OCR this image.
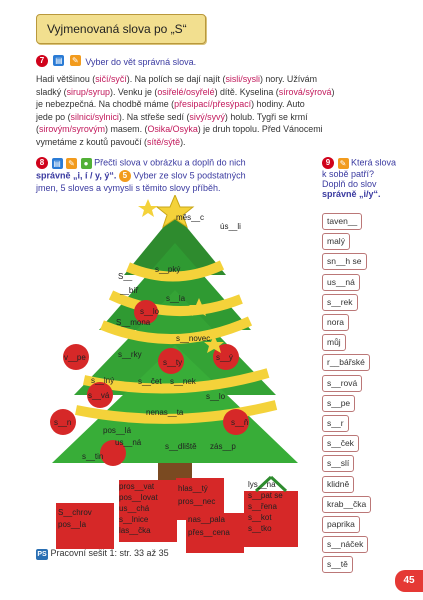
Vyjmenovaná slova po „S“
7 ▤ ✎ Vyber do vět správná slova.
Hadi většinou (sičí/syčí). Na polích se dají najít (sisli/sysli) nory. Užívám
sladký (sirup/syrup). Venku je (osiřelé/osyřelé) dítě. Kyselina (sírová/sýrová)
je nebezpečná. Na chodbě máme (přesipací/přesýpací) hodiny. Auto
jede po (silnici/sylnici). Na střeše sedí (sivý/syvý) holub. Tygři se krmí
(sirovým/syrovým) masem. (Osika/Osyka) je druh topolu. Před Vánocemi
vymetáme z koutů pavoučí (sítě/sýtě).
8 ▤ ✎ ● Přečti slova v obrázku a doplň do nich
správně „i, í / y, ý“. 5 Vyber ze slov 5 podstatných
jmen, 5 sloves a vymysli s těmito slovy příběh.
9 ✎ Která slova
k sobě patří?
Doplň do slov
správně „i/y“.
taven__
malý
sn__h se
us__ná
s__rek
nora
můj
r__bářské
s__rová
s__pe
s__r
s__ček
s__slí
klidně
krab__čka
paprika
s__náček
s__tě
měs__c
ús__li
s__pký
S__
__bíř
s__la
s__lo
S__mona
s__novec
v__pe	s__rky
s__ty
s__ý
s__lný	s__čet s__nek
s__vá	s__lo
pos__lá
nenas__ta
s__n	s__ň
us__ná	s__dliště zás__p
s__tin
pros__vat
pos__lovat
us__chá
s__lnice
las__čka
S__chrov
pos__la
hlas__tý
pros__nec
nas__pala
přes__cena
lys__na
s__pat se
s__řena
s__kot
s__tko
PS Pracovní sešit 1: str. 33 až 35
45
